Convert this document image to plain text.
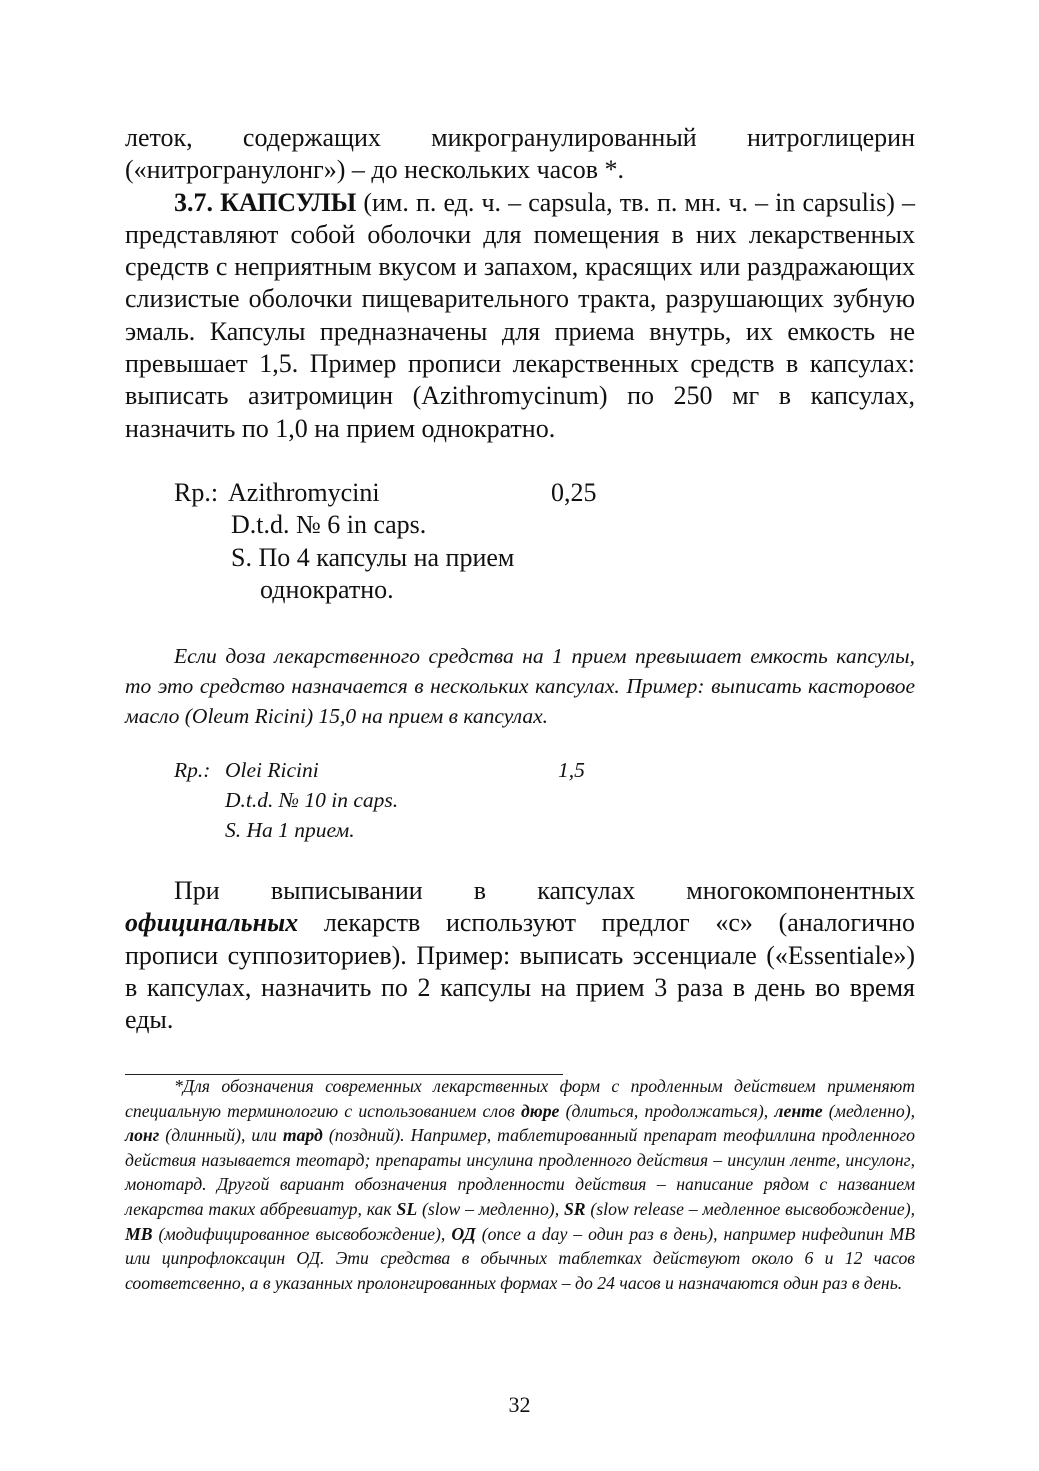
леток, содержащих микрогранулированный нитроглицерин («нитрогранулонг») – до нескольких часов *.

3.7. КАПСУЛЫ (им. п. ед. ч. – capsula, тв. п. мн. ч. – in capsulis) – представляют собой оболочки для помещения в них лекарственных средств с неприятным вкусом и запахом, красящих или раздражающих слизистые оболочки пищеварительного тракта, разрушающих зубную эмаль. Капсулы предназначены для приема внутрь, их емкость не превышает 1,5. Пример прописи лекарственных средств в капсулах: выписать азитромицин (Azithromycinum) по 250 мг в капсулах, назначить по 1,0 на прием однократно.

Rp.: Azithromycini	0,25
D.t.d. № 6 in caps.
S. По 4 капсулы на прием
однократно.

Если доза лекарственного средства на 1 прием превышает емкость капсулы, то это средство назначается в нескольких капсулах. Пример: выписать касторовое масло (Oleum Ricini) 15,0 на прием в капсулах.

Rp.: Olei Ricini	1,5
D.t.d. № 10 in caps.
S. На 1 прием.

При выписывании в капсулах многокомпонентных официнальных лекарств используют предлог «с» (аналогично прописи суппозиториев). Пример: выписать эссенциале («Essentiale») в капсулах, назначить по 2 капсулы на прием 3 раза в день во время еды.

*Для обозначения современных лекарственных форм с продленным действием применяют специальную терминологию с использованием слов дюре (длиться, продолжаться), ленте (медленно), лонг (длинный), или тард (поздний). Например, таблетированный препарат теофиллина продленного действия называется теотард; препараты инсулина продленного действия – инсулин ленте, инсулонг, монотард. Другой вариант обозначения продленности действия – написание рядом с названием лекарства таких аббревиатур, как SL (slow – медленно), SR (slow release – медленное высвобождение), MB (модифицированное высвобождение), ОД (once a day – один раз в день), например нифедипин МВ или ципрофлоксацин ОД. Эти средства в обычных таблетках действуют около 6 и 12 часов соответсвенно, а в указанных пролонгированных формах – до 24 часов и назначаются один раз в день.

32
